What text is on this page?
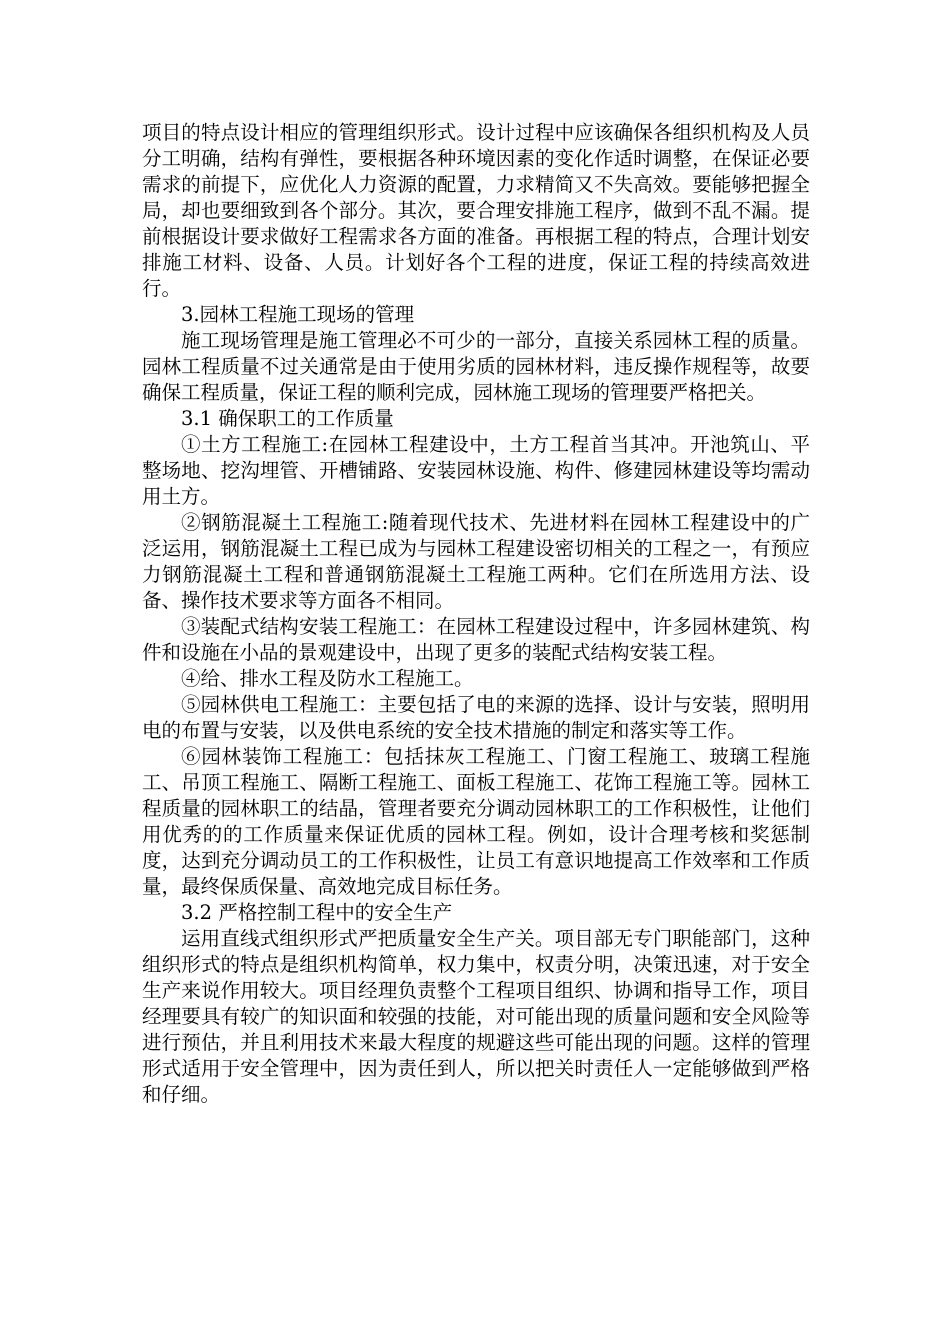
项目的特点设计相应的管理组织形式。设计过程中应该确保各组织机构及人员分工明确，结构有弹性，要根据各种环境因素的变化作适时调整，在保证必要需求的前提下，应优化人力资源的配置，力求精简又不失高效。要能够把握全局，却也要细致到各个部分。其次，要合理安排施工程序，做到不乱不漏。提前根据设计要求做好工程需求各方面的准备。再根据工程的特点，合理计划安排施工材料、设备、人员。计划好各个工程的进度，保证工程的持续高效进行。

3.园林工程施工现场的管理

施工现场管理是施工管理必不可少的一部分，直接关系园林工程的质量。园林工程质量不过关通常是由于使用劣质的园林材料，违反操作规程等，故要确保工程质量，保证工程的顺利完成，园林施工现场的管理要严格把关。

3.1 确保职工的工作质量

①土方工程施工:在园林工程建设中，土方工程首当其冲。开池筑山、平整场地、挖沟埋管、开槽铺路、安装园林设施、构件、修建园林建设等均需动用土方。

②钢筋混凝土工程施工:随着现代技术、先进材料在园林工程建设中的广泛运用，钢筋混凝土工程已成为与园林工程建设密切相关的工程之一，有预应力钢筋混凝土工程和普通钢筋混凝土工程施工两种。它们在所选用方法、设备、操作技术要求等方面各不相同。

③装配式结构安装工程施工：在园林工程建设过程中，许多园林建筑、构件和设施在小品的景观建设中，出现了更多的装配式结构安装工程。

④给、排水工程及防水工程施工。

⑤园林供电工程施工：主要包括了电的来源的选择、设计与安装，照明用电的布置与安装，以及供电系统的安全技术措施的制定和落实等工作。

⑥园林装饰工程施工：包括抹灰工程施工、门窗工程施工、玻璃工程施工、吊顶工程施工、隔断工程施工、面板工程施工、花饰工程施工等。园林工程质量的园林职工的结晶，管理者要充分调动园林职工的工作积极性，让他们用优秀的的工作质量来保证优质的园林工程。例如，设计合理考核和奖惩制度，达到充分调动员工的工作积极性，让员工有意识地提高工作效率和工作质量，最终保质保量、高效地完成目标任务。

3.2 严格控制工程中的安全生产

运用直线式组织形式严把质量安全生产关。项目部无专门职能部门，这种组织形式的特点是组织机构简单，权力集中，权责分明，决策迅速，对于安全生产来说作用较大。项目经理负责整个工程项目组织、协调和指导工作，项目经理要具有较广的知识面和较强的技能，对可能出现的质量问题和安全风险等进行预估，并且利用技术来最大程度的规避这些可能出现的问题。这样的管理形式适用于安全管理中，因为责任到人，所以把关时责任人一定能够做到严格和仔细。
